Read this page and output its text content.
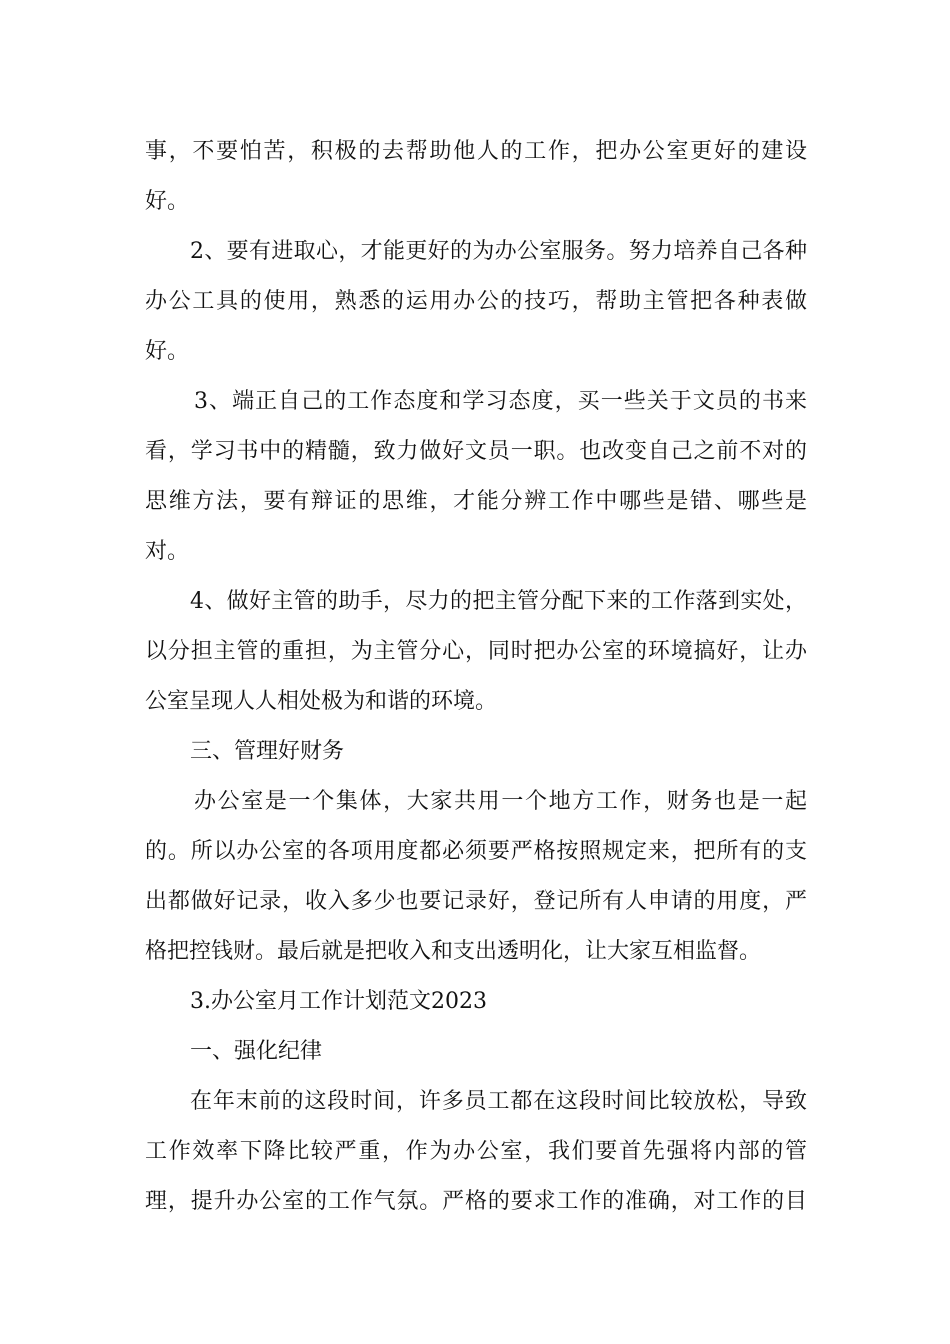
事，不要怕苦，积极的去帮助他人的工作，把办公室更好的建设
好。
2、要有进取心，才能更好的为办公室服务。努力培养自己各种
办公工具的使用，熟悉的运用办公的技巧，帮助主管把各种表做
好。
3、端正自己的工作态度和学习态度，买一些关于文员的书来
看，学习书中的精髓，致力做好文员一职。也改变自己之前不对的
思维方法，要有辩证的思维，才能分辨工作中哪些是错、哪些是
对。
4、做好主管的助手，尽力的把主管分配下来的工作落到实处，
以分担主管的重担，为主管分心，同时把办公室的环境搞好，让办
公室呈现人人相处极为和谐的环境。
三、管理好财务
办公室是一个集体，大家共用一个地方工作，财务也是一起
的。所以办公室的各项用度都必须要严格按照规定来，把所有的支
出都做好记录，收入多少也要记录好，登记所有人申请的用度，严
格把控钱财。最后就是把收入和支出透明化，让大家互相监督。
3.办公室月工作计划范文2023
一、强化纪律
在年末前的这段时间，许多员工都在这段时间比较放松，导致
工作效率下降比较严重，作为办公室，我们要首先强将内部的管
理，提升办公室的工作气氛。严格的要求工作的准确，对工作的目
